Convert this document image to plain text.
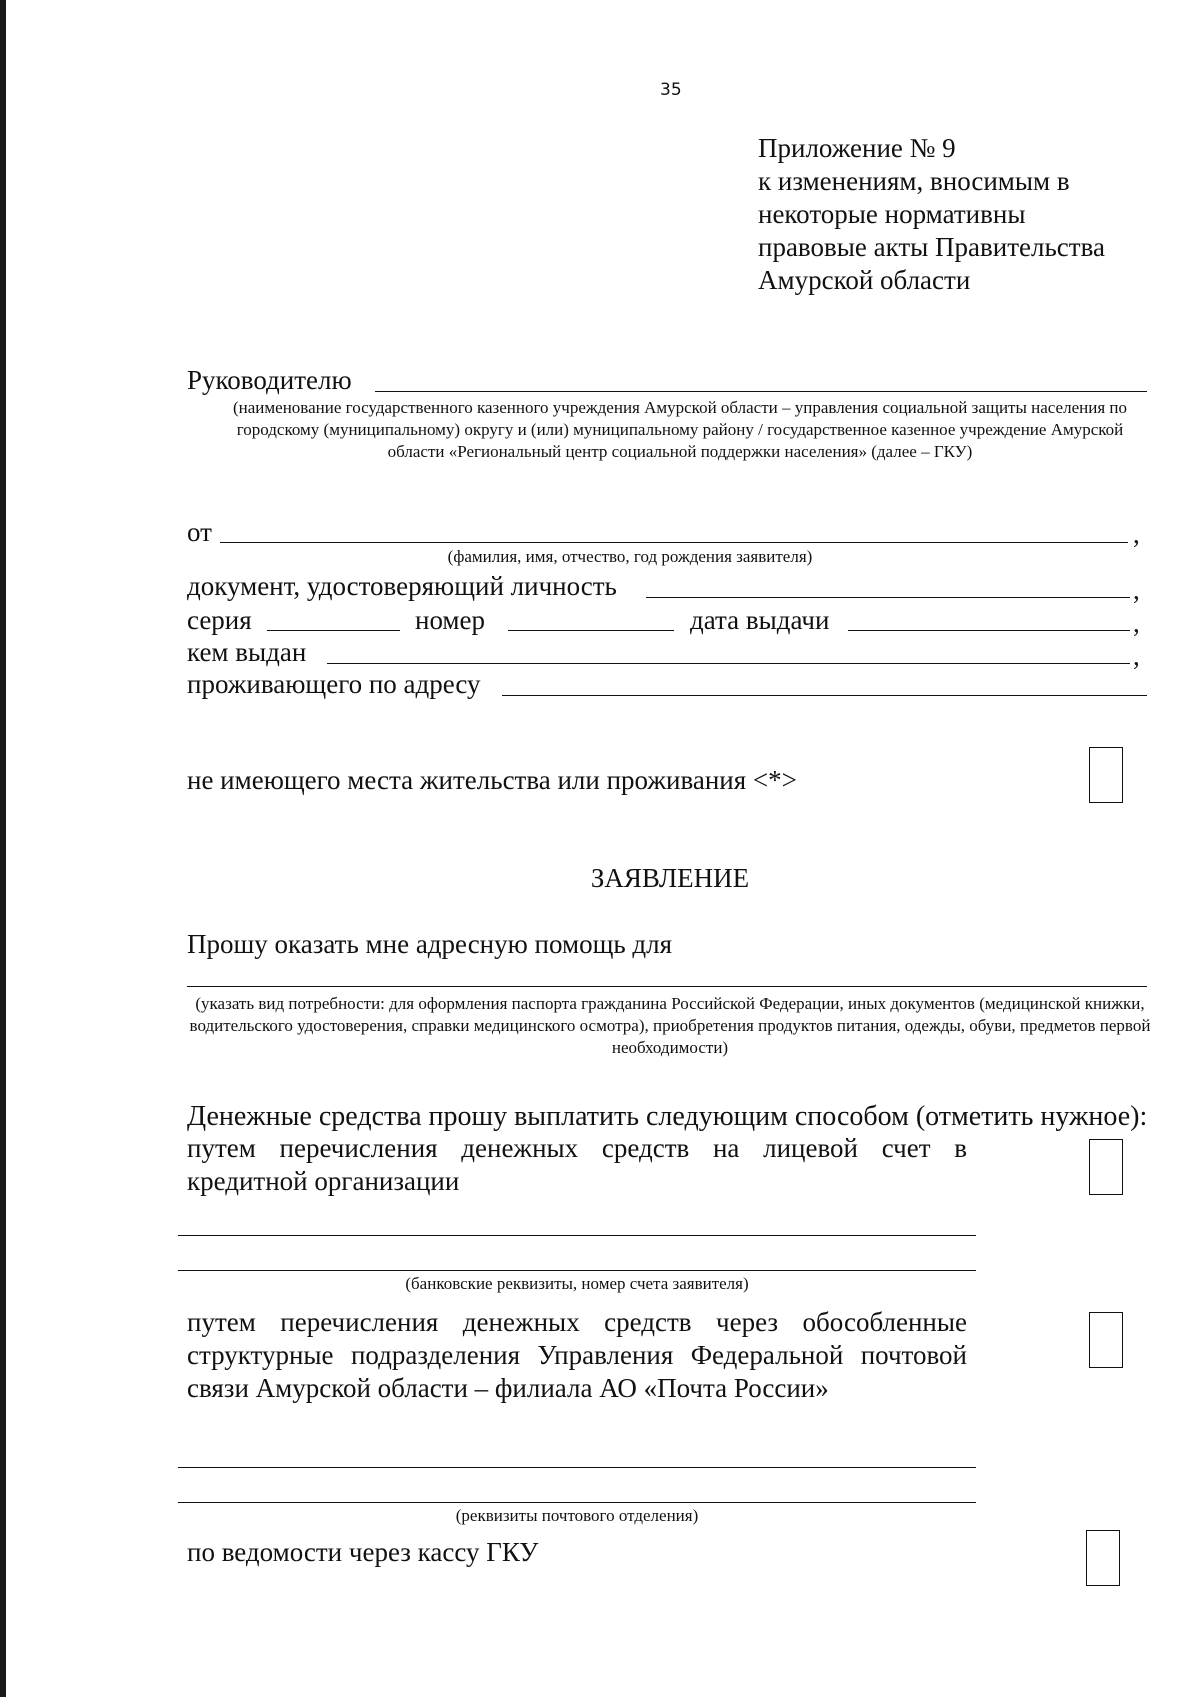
35
Приложение № 9
к изменениям, вносимым в
некоторые нормативны
правовые акты Правительства
Амурской области
Руководителю
(наименование государственного казенного учреждения Амурской области – управления социальной защиты населения по городскому (муниципальному) округу и (или) муниципальному району / государственное казенное учреждение Амурской области «Региональный центр социальной поддержки населения» (далее – ГКУ)
от	,
(фамилия, имя, отчество, год рождения заявителя)
документ, удостоверяющий личность	,
серия	номер	дата выдачи	,
кем выдан	,
проживающего по адресу
не имеющего места жительства или проживания <*>
ЗАЯВЛЕНИЕ
Прошу оказать мне адресную помощь для
(указать вид потребности: для оформления паспорта гражданина Российской Федерации, иных документов (медицинской книжки, водительского удостоверения, справки медицинского осмотра), приобретения продуктов питания, одежды, обуви, предметов первой необходимости)
Денежные средства прошу выплатить следующим способом (отметить нужное):
путем перечисления денежных средств на лицевой счет в кредитной организации
(банковские реквизиты, номер счета заявителя)
путем перечисления денежных средств через обособленные структурные подразделения Управления Федеральной почтовой связи Амурской области – филиала АО «Почта России»
(реквизиты почтового отделения)
по ведомости через кассу ГКУ
